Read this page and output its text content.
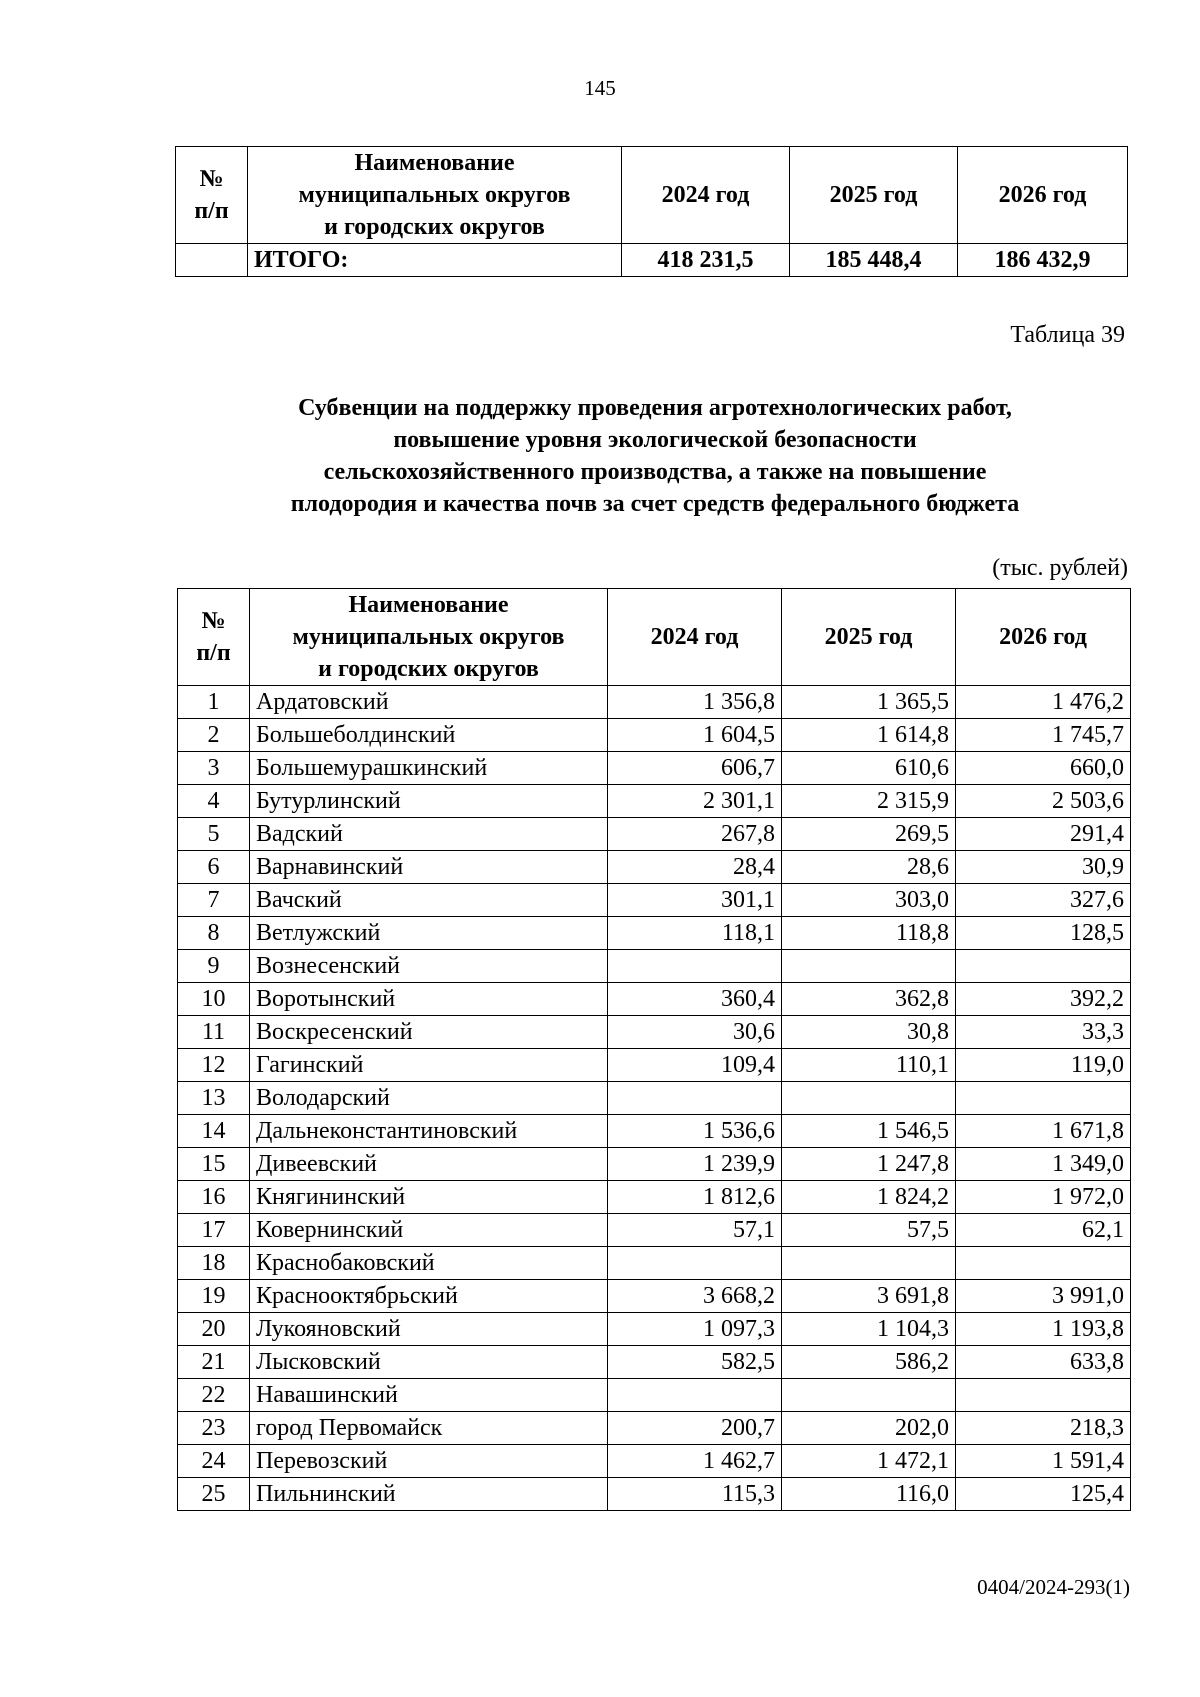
145
№
п/п	Наименование
муниципальных округов
и городских округов	2024 год	2025 год	2026 год
	ИТОГО:	418 231,5	185 448,4	186 432,9
Таблица 39
Субвенции на поддержку проведения агротехнологических работ,
повышение уровня экологической безопасности
сельскохозяйственного производства, а также на повышение
плодородия и качества почв за счет средств федерального бюджета
(тыс. рублей)
№
п/п	Наименование
муниципальных округов
и городских округов	2024 год	2025 год	2026 год
1	Ардатовский	1 356,8	1 365,5	1 476,2
2	Большеболдинский	1 604,5	1 614,8	1 745,7
3	Большемурашкинский	606,7	610,6	660,0
4	Бутурлинский	2 301,1	2 315,9	2 503,6
5	Вадский	267,8	269,5	291,4
6	Варнавинский	28,4	28,6	30,9
7	Вачский	301,1	303,0	327,6
8	Ветлужский	118,1	118,8	128,5
9	Вознесенский			
10	Воротынский	360,4	362,8	392,2
11	Воскресенский	30,6	30,8	33,3
12	Гагинский	109,4	110,1	119,0
13	Володарский			
14	Дальнеконстантиновский	1 536,6	1 546,5	1 671,8
15	Дивеевский	1 239,9	1 247,8	1 349,0
16	Княгининский	1 812,6	1 824,2	1 972,0
17	Ковернинский	57,1	57,5	62,1
18	Краснобаковский			
19	Краснооктябрьский	3 668,2	3 691,8	3 991,0
20	Лукояновский	1 097,3	1 104,3	1 193,8
21	Лысковский	582,5	586,2	633,8
22	Навашинский			
23	город Первомайск	200,7	202,0	218,3
24	Перевозский	1 462,7	1 472,1	1 591,4
25	Пильнинский	115,3	116,0	125,4
0404/2024-293(1)
